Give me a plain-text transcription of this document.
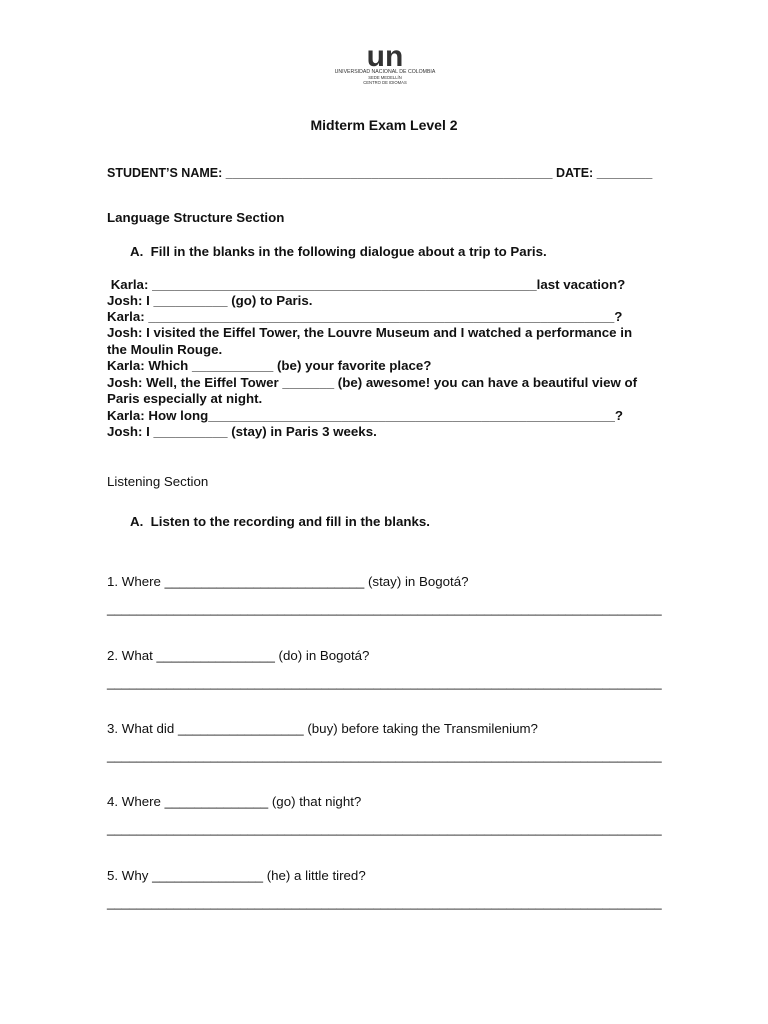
un
UNIVERSIDAD NACIONAL DE COLOMBIA
SEDE MEDELLÍN
CENTRO DE IDIOMAS
Midterm Exam Level 2
STUDENT’S NAME: _______________________________________________ DATE: ________
Language Structure Section
A.  Fill in the blanks in the following dialogue about a trip to Paris.
Karla: ____________________________________________________last vacation?
Josh: I __________ (go) to Paris.
Karla: _______________________________________________________________?
Josh: I visited the Eiffel Tower, the Louvre Museum and I watched a performance in
the Moulin Rouge.
Karla: Which ___________ (be) your favorite place?
Josh: Well, the Eiffel Tower _______ (be) awesome! you can have a beautiful view of
Paris especially at night.
Karla: How long_______________________________________________________?
Josh: I __________ (stay) in Paris 3 weeks.
Listening Section
A.  Listen to the recording and fill in the blanks.
1. Where ___________________________ (stay) in Bogotá?
___________________________________________________________________________
2. What ________________ (do) in Bogotá?
___________________________________________________________________________
3. What did _________________ (buy) before taking the Transmilenium?
___________________________________________________________________________
4. Where ______________ (go) that night?
___________________________________________________________________________
5. Why _______________ (he) a little tired?
___________________________________________________________________________
